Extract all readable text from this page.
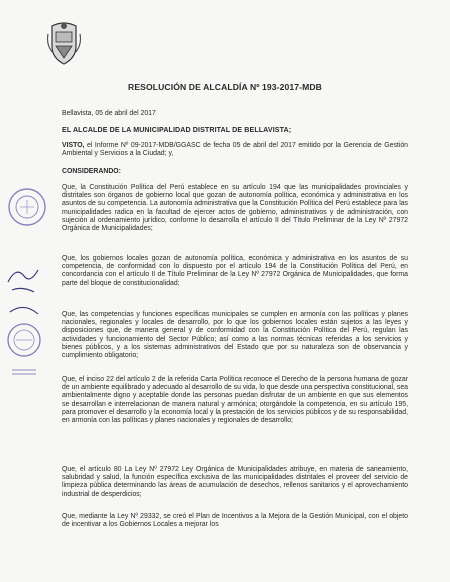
RESOLUCIÓN DE ALCALDÍA Nº 193-2017-MDB
Bellavista, 05 de abril del 2017
EL ALCALDE DE LA MUNICIPALIDAD DISTRITAL DE BELLAVISTA;
VISTO, el Informe Nº 09-2017-MDB/GGASC de fecha 05 de abril del 2017 emitido por la Gerencia de Gestión Ambiental y Servicios a la Ciudad; y,
CONSIDERANDO:
Que, la Constitución Política del Perú establece en su artículo 194 que las municipalidades provinciales y distritales son órganos de gobierno local que gozan de autonomía política, económica y administrativa en los asuntos de su competencia. La autonomía administrativa que la Constitución Política del Perú establece para las municipalidades radica en la facultad de ejercer actos de gobierno, administrativos y de administración, con sujeción al ordenamiento jurídico, conforme lo desarrolla el artículo II del Título Preliminar de la Ley Nº 27972 Orgánica de Municipalidades;
Que, los gobiernos locales gozan de autonomía política, económica y administrativa en los asuntos de su competencia, de conformidad con lo dispuesto por el artículo 194 de la Constitución Política del Perú, en concordancia con el artículo II de Título Preliminar de la Ley Nº 27972 Orgánica de Municipalidades, que forma parte del bloque de constitucionalidad;
Que, las competencias y funciones específicas municipales se cumplen en armonía con las políticas y planes nacionales, regionales y locales de desarrollo, por lo que los gobiernos locales están sujetos a las leyes y disposiciones que, de manera general y de conformidad con la Constitución Política del Perú, regulan las actividades y funcionamiento del Sector Público; así como a las normas técnicas referidas a los servicios y bienes públicos, y a los sistemas administrativos del Estado que por su naturaleza son de observancia y cumplimiento obligatorio;
Que, el inciso 22 del artículo 2 de la referida Carta Política reconoce el Derecho de la persona humana de gozar de un ambiente equilibrado y adecuado al desarrollo de su vida, lo que desde una perspectiva constitucional, sea ambientalmente digno y aceptable donde las personas puedan disfrutar de un ambiente en que sus elementos se desarrollan e interrelacionan de manera natural y armónica; otorgándole la competencia, en su artículo 195, para promover el desarrollo y la economía local y la prestación de los servicios públicos y de su responsabilidad, en armonía con las políticas y planes nacionales y regionales de desarrollo;
Que, el artículo 80 La Ley Nº 27972 Ley Orgánica de Municipalidades atribuye, en materia de saneamiento, salubridad y salud, la función específica exclusiva de las municipalidades distritales el proveer del servicio de limpieza pública determinando las áreas de acumulación de desechos, rellenos sanitarios y el aprovechamiento industrial de desperdicios;
Que, mediante la Ley Nº 29332, se creó el Plan de Incentivos a la Mejora de la Gestión Municipal, con el objeto de incentivar a los Gobiernos Locales a mejorar los
